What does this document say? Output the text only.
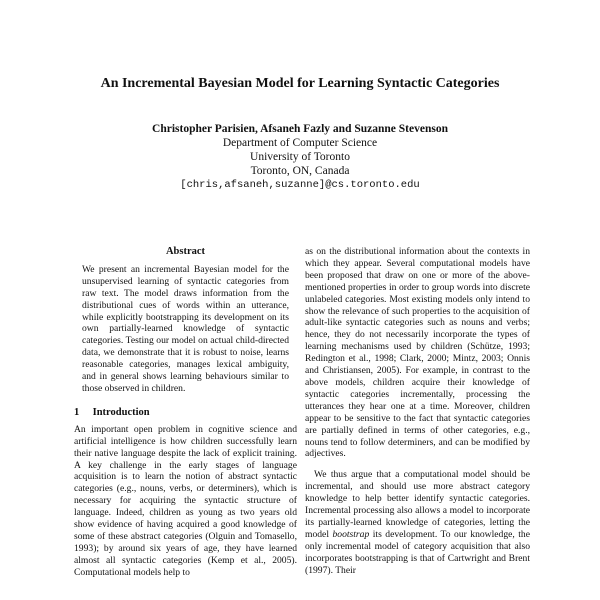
An Incremental Bayesian Model for Learning Syntactic Categories
Christopher Parisien, Afsaneh Fazly and Suzanne Stevenson
Department of Computer Science
University of Toronto
Toronto, ON, Canada
[chris,afsaneh,suzanne]@cs.toronto.edu
Abstract

We present an incremental Bayesian model for the unsupervised learning of syntactic categories from raw text. The model draws information from the distributional cues of words within an utterance, while explicitly bootstrapping its development on its own partially-learned knowledge of syntactic categories. Testing our model on actual child-directed data, we demonstrate that it is robust to noise, learns reasonable categories, manages lexical ambiguity, and in general shows learning behaviours similar to those observed in children.

1 Introduction

An important open problem in cognitive science and artificial intelligence is how children successfully learn their native language despite the lack of explicit training. A key challenge in the early stages of language acquisition is to learn the notion of abstract syntactic categories (e.g., nouns, verbs, or determiners), which is necessary for acquiring the syntactic structure of language. Indeed, children as young as two years old show evidence of having acquired a good knowledge of some of these abstract categories (Olguin and Tomasello, 1993); by around six years of age, they have learned almost all syntactic categories (Kemp et al., 2005). Computational models help to

as on the distributional information about the contexts in which they appear. Several computational models have been proposed that draw on one or more of the above-mentioned properties in order to group words into discrete unlabeled categories. Most existing models only intend to show the relevance of such properties to the acquisition of adult-like syntactic categories such as nouns and verbs; hence, they do not necessarily incorporate the types of learning mechanisms used by children (Schütze, 1993; Redington et al., 1998; Clark, 2000; Mintz, 2003; Onnis and Christiansen, 2005). For example, in contrast to the above models, children acquire their knowledge of syntactic categories incrementally, processing the utterances they hear one at a time. Moreover, children appear to be sensitive to the fact that syntactic categories are partially defined in terms of other categories, e.g., nouns tend to follow determiners, and can be modified by adjectives.

We thus argue that a computational model should be incremental, and should use more abstract category knowledge to help better identify syntactic categories. Incremental processing also allows a model to incorporate its partially-learned knowledge of categories, letting the model bootstrap its development. To our knowledge, the only incremental model of category acquisition that also incorporates bootstrapping is that of Cartwright and Brent (1997). Their
